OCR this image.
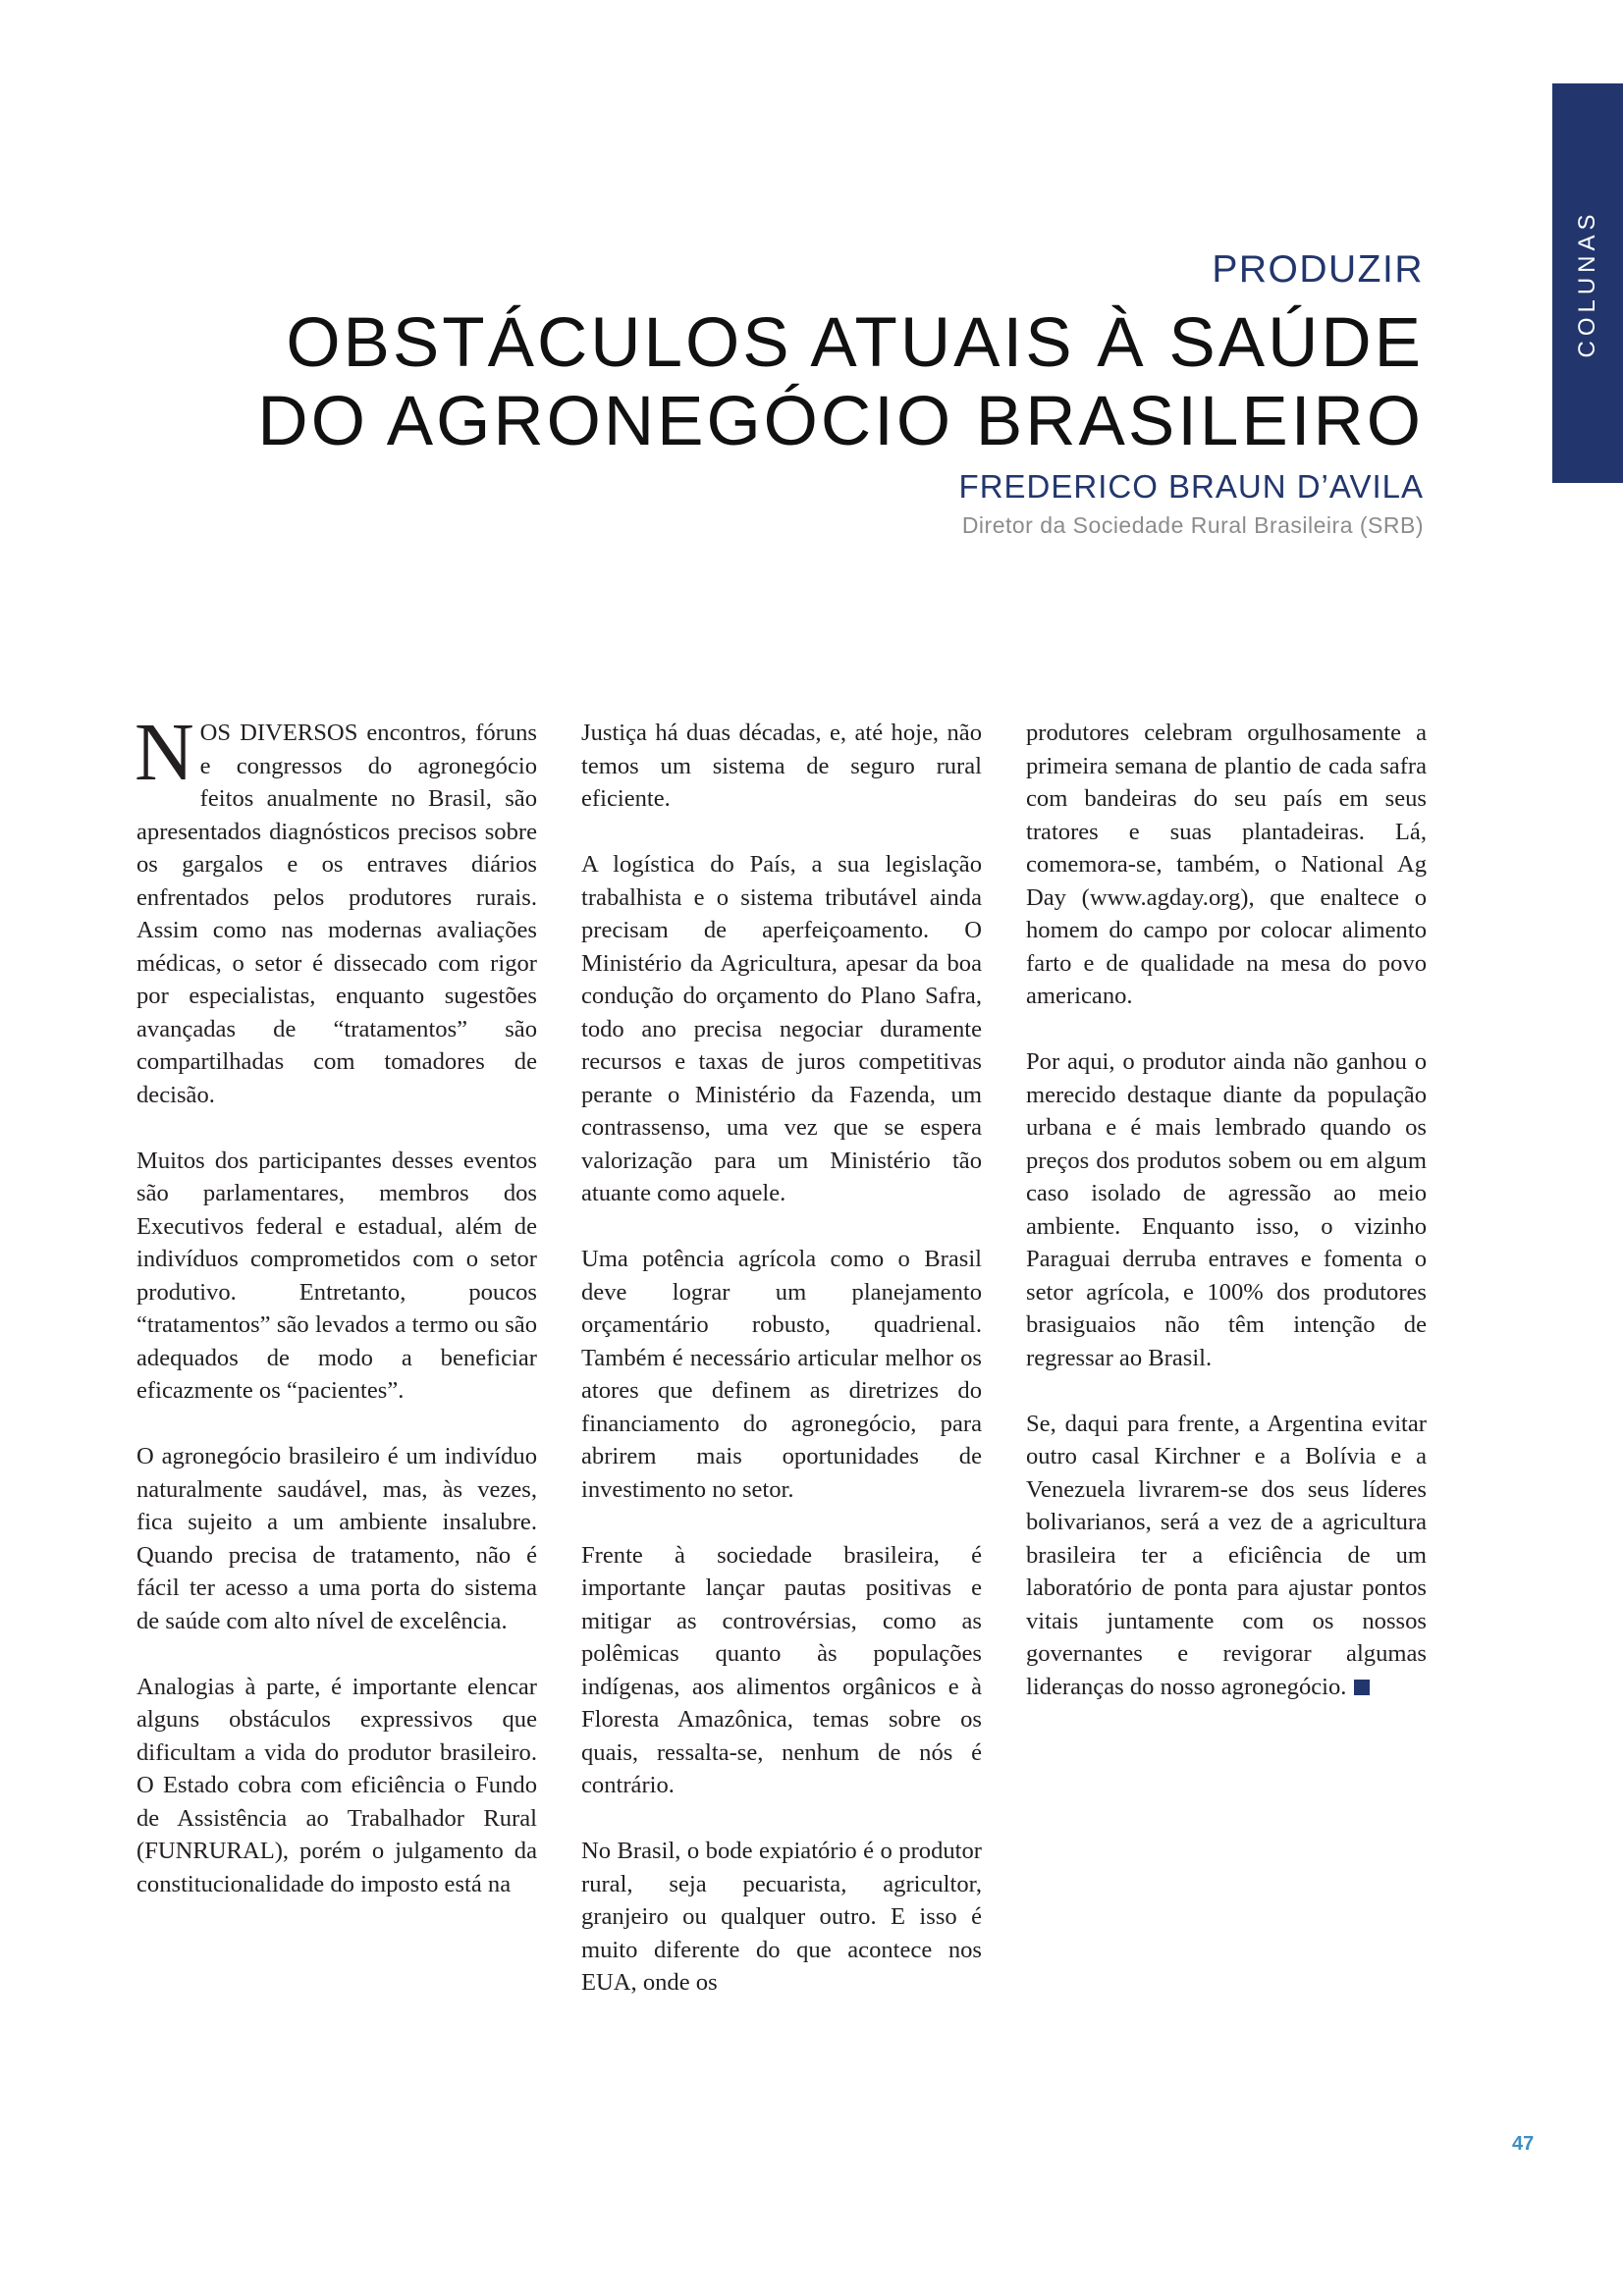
COLUNAS

PRODUZIR

OBSTÁCULOS ATUAIS À SAÚDE
DO AGRONEGÓCIO BRASILEIRO

FREDERICO BRAUN D’AVILA

Diretor da Sociedade Rural Brasileira (SRB)

NOS DIVERSOS encontros, fóruns e congressos do agronegócio feitos anualmente no Brasil, são apresentados diagnósticos precisos sobre os gargalos e os entraves diários enfrentados pelos produtores rurais. Assim como nas modernas avaliações médicas, o setor é dissecado com rigor por especialistas, enquanto sugestões avançadas de “tratamentos” são compartilhadas com tomadores de decisão.

Muitos dos participantes desses eventos são parlamentares, membros dos Executivos federal e estadual, além de indivíduos comprometidos com o setor produtivo. Entretanto, poucos “tratamentos” são levados a termo ou são adequados de modo a beneficiar eficazmente os “pacientes”.

O agronegócio brasileiro é um indivíduo naturalmente saudável, mas, às vezes, fica sujeito a um ambiente insalubre. Quando precisa de tratamento, não é fácil ter acesso a uma porta do sistema de saúde com alto nível de excelência.

Analogias à parte, é importante elencar alguns obstáculos expressivos que dificultam a vida do produtor brasileiro. O Estado cobra com eficiência o Fundo de Assistência ao Trabalhador Rural (FUNRURAL), porém o julgamento da constitucionalidade do imposto está na

Justiça há duas décadas, e, até hoje, não temos um sistema de seguro rural eficiente.

A logística do País, a sua legislação trabalhista e o sistema tributável ainda precisam de aperfeiçoamento. O Ministério da Agricultura, apesar da boa condução do orçamento do Plano Safra, todo ano precisa negociar duramente recursos e taxas de juros competitivas perante o Ministério da Fazenda, um contrassenso, uma vez que se espera valorização para um Ministério tão atuante como aquele.

Uma potência agrícola como o Brasil deve lograr um planejamento orçamentário robusto, quadrienal. Também é necessário articular melhor os atores que definem as diretrizes do financiamento do agronegócio, para abrirem mais oportunidades de investimento no setor.

Frente à sociedade brasileira, é importante lançar pautas positivas e mitigar as controvérsias, como as polêmicas quanto às populações indígenas, aos alimentos orgânicos e à Floresta Amazônica, temas sobre os quais, ressalta-se, nenhum de nós é contrário.

No Brasil, o bode expiatório é o produtor rural, seja pecuarista, agricultor, granjeiro ou qualquer outro. E isso é muito diferente do que acontece nos EUA, onde os

produtores celebram orgulhosamente a primeira semana de plantio de cada safra com bandeiras do seu país em seus tratores e suas plantadeiras. Lá, comemora-se, também, o National Ag Day (www.agday.org), que enaltece o homem do campo por colocar alimento farto e de qualidade na mesa do povo americano.

Por aqui, o produtor ainda não ganhou o merecido destaque diante da população urbana e é mais lembrado quando os preços dos produtos sobem ou em algum caso isolado de agressão ao meio ambiente. Enquanto isso, o vizinho Paraguai derruba entraves e fomenta o setor agrícola, e 100% dos produtores brasiguaios não têm intenção de regressar ao Brasil.

Se, daqui para frente, a Argentina evitar outro casal Kirchner e a Bolívia e a Venezuela livrarem-se dos seus líderes bolivarianos, será a vez de a agricultura brasileira ter a eficiência de um laboratório de ponta para ajustar pontos vitais juntamente com os nossos governantes e revigorar algumas lideranças do nosso agronegócio.

47
